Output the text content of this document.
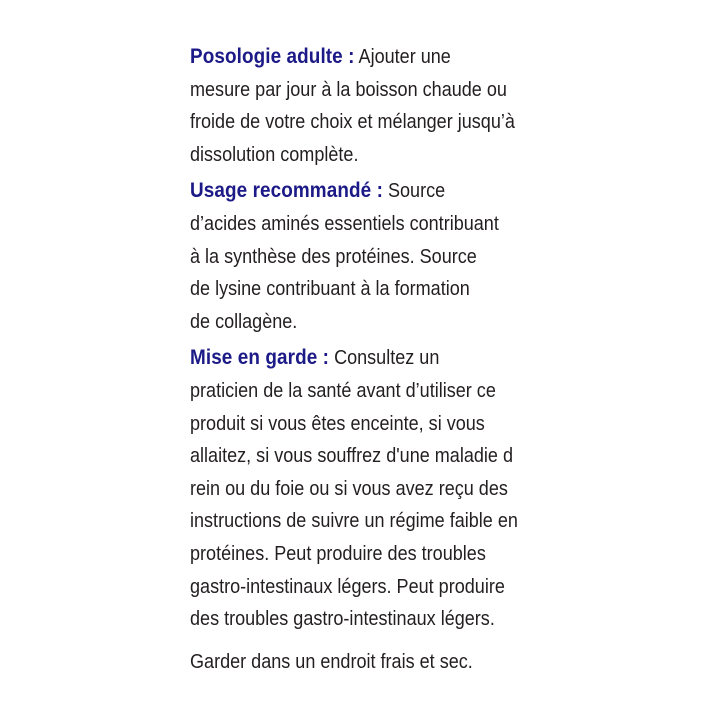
Posologie adulte : Ajouter une
mesure par jour à la boisson chaude ou
froide de votre choix et mélanger jusqu’à
dissolution complète.
Usage recommandé : Source
d’acides aminés essentiels contribuant
à la synthèse des protéines. Source
de lysine contribuant à la formation
de collagène.
Mise en garde : Consultez un
praticien de la santé avant d’utiliser ce
produit si vous êtes enceinte, si vous
allaitez, si vous souffrez d'une maladie d
rein ou du foie ou si vous avez reçu des
instructions de suivre un régime faible en
protéines. Peut produire des troubles
gastro-intestinaux légers. Peut produire
des troubles gastro-intestinaux légers.
Garder dans un endroit frais et sec.
